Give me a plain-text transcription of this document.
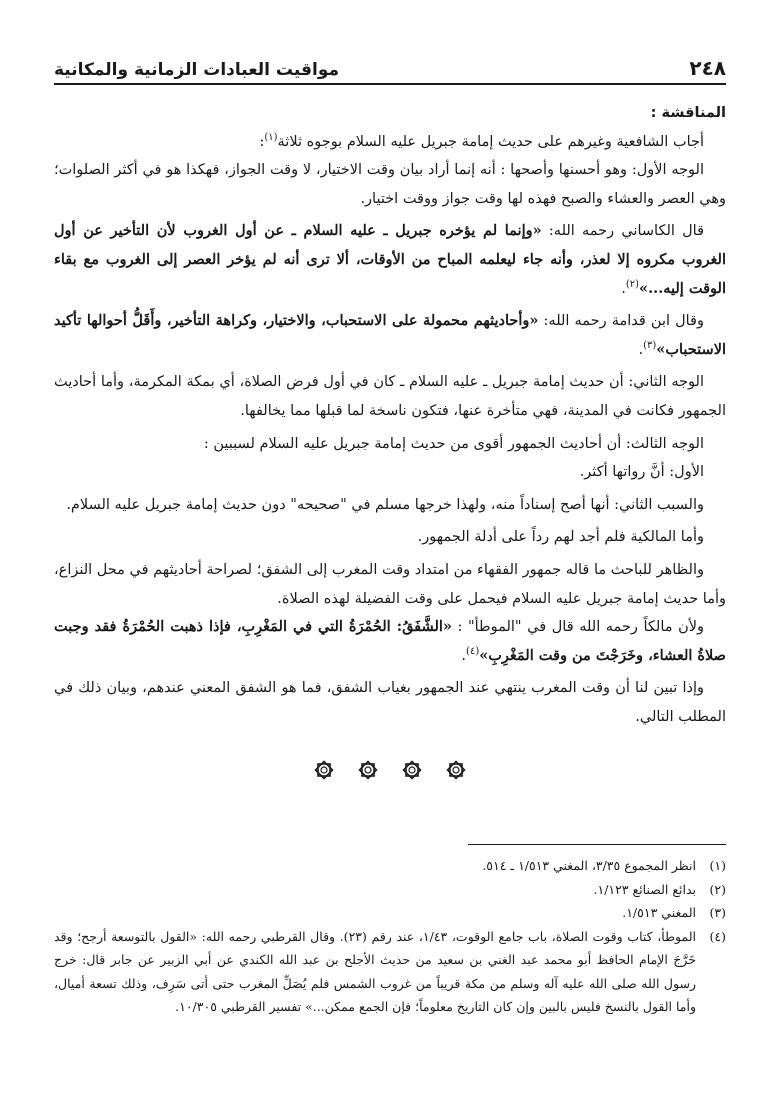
٢٤٨
مواقيت العبادات الزمانية والمكانية

المناقشة :

أجاب الشافعية وغيرهم على حديث إمامة جبريل عليه السلام بوجوه ثلاثة$^{(١)}$:

الوجه الأول: وهو أحسنها وأصحها : أنه إنما أراد بيان وقت الاختيار، لا وقت الجواز، فهكذا هو في أكثر الصلوات؛ وهي العصر والعشاء والصبح فهذه لها وقت جواز ووقت اختيار.

قال الكاساني رحمه الله: «وإنما لم يؤخره جبريل ـ عليه السلام ـ عن أول الغروب لأن التأخير عن أول الغروب مكروه إلا لعذر، وأنه جاء ليعلمه المباح من الأوقات، ألا ترى أنه لم يؤخر العصر إلى الغروب مع بقاء الوقت إليه...»$^{(٢)}$.

وقال ابن قدامة رحمه الله: «وأحاديثهم محمولة على الاستحباب، والاختيار، وكراهة التأخير، وأَقَلُّ أحوالها تأكيد الاستحباب»$^{(٣)}$.

الوجه الثاني: أن حديث إمامة جبريل ـ عليه السلام ـ كان في أول فرض الصلاة، أي بمكة المكرمة، وأما أحاديث الجمهور فكانت في المدينة، فهي متأخرة عنها، فتكون ناسخة لما قبلها مما يخالفها.

الوجه الثالث: أن أحاديث الجمهور أقوى من حديث إمامة جبريل عليه السلام لسببين :

الأول: أنَّ رواتها أكثر.

والسبب الثاني: أنها أصح إسناداً منه، ولهذا خرجها مسلم في "صحيحه" دون حديث إمامة جبريل عليه السلام.

وأما المالكية فلم أجد لهم رداً على أدلة الجمهور.

والظاهر للباحث ما قاله جمهور الفقهاء من امتداد وقت المغرب إلى الشفق؛ لصراحة أحاديثهم في محل النزاع، وأما حديث إمامة جبريل عليه السلام فيحمل على وقت الفضيلة لهذه الصلاة.

ولأن مالكاً رحمه الله قال في "الموطأ" : «الشَّفَقُ: الحُمْرَةُ التي في المَغْرِبِ، فإذا ذهبت الحُمْرَةُ فقد وجبت صلاةُ العشاء، وخَرَجْتَ من وقت المَغْرِبِ»$^{(٤)}$.

وإذا تبين لنا أن وقت المغرب ينتهي عند الجمهور بغياب الشفق، فما هو الشفق المعني عندهم، وبيان ذلك في المطلب التالي.

(١)
انظر المجموع ٣/٣٥، المغني ١/٥١٣ ـ ٥١٤.
(٢)
بدائع الصنائع ١/١٢٣.
(٣)
المغني ١/٥١٣.
(٤)
الموطأ، كتاب وقوت الصلاة، باب جامع الوقوت، ١/٤٣، عند رقم (٢٣). وقال القرطبي رحمه الله: «القول بالتوسعة أرجح؛ وقد خَرَّجَ الإمام الحافظ أبو محمد عبد الغني بن سعيد من حديث الأجلح بن عبد الله الكندي عن أبي الزبير عن جابر قال: خرج رسول الله صلى الله عليه آله وسلم من مكة قريباً من غروب الشمس فلم يُصَلِّ المغرب حتى أتى سَرِف، وذلك تسعة أميال، وأما القول بالنسخ فليس بالبين وإن كان التاريخ معلوماً؛ فإن الجمع ممكن...» تفسير القرطبي ١٠/٣٠٥.
